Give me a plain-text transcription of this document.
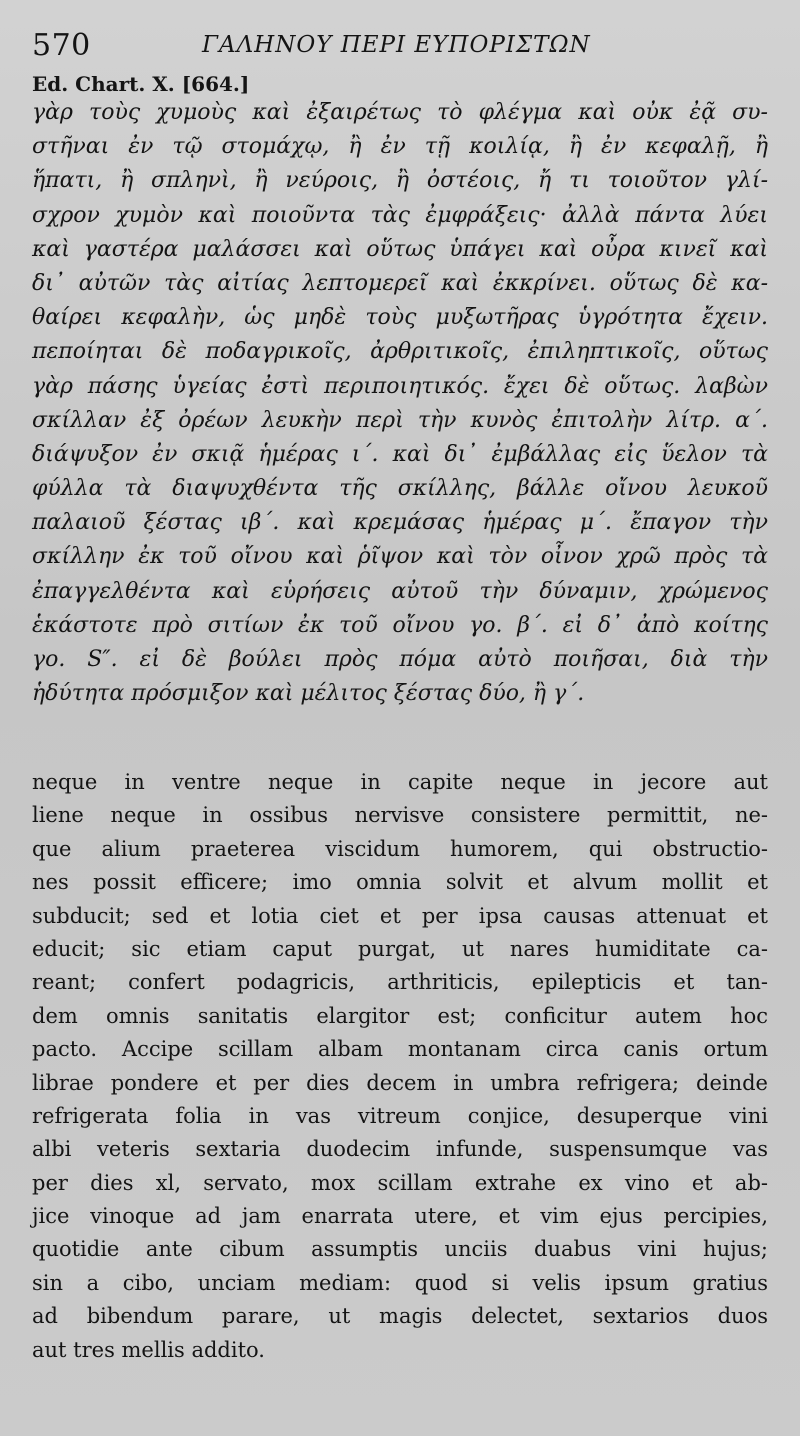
570	ΓΑΛΗΝΟΥ ΠΕΡΙ ΕΥΠΟΡΙΣΤΩΝ
Ed. Chart. X. [664.]
γὰρ τοὺς χυμοὺς καὶ ἐξαιρέτως τὸ φλέγμα καὶ οὐκ ἐᾷ συ-
στῆναι ἐν τῷ στομάχῳ, ἢ ἐν τῇ κοιλίᾳ, ἢ ἐν κεφαλῇ, ἢ
ἥπατι, ἢ σπληνὶ, ἢ νεύροις, ἢ ὀστέοις, ἤ τι τοιοῦτον γλί-
σχρον χυμὸν καὶ ποιοῦντα τὰς ἐμφράξεις· ἀλλὰ πάντα λύει
καὶ γαστέρα μαλάσσει καὶ οὕτως ὑπάγει καὶ οὖρα κινεῖ καὶ
δι᾽ αὐτῶν τὰς αἰτίας λεπτομερεῖ καὶ ἐκκρίνει. οὕτως δὲ κα-
θαίρει κεφαλὴν, ὡς μηδὲ τοὺς μυξωτῆρας ὑγρότητα ἔχειν.
πεποίηται δὲ ποδαγρικοῖς, ἀρθριτικοῖς, ἐπιληπτικοῖς, οὕτως
γὰρ πάσης ὑγείας ἐστὶ περιποιητικός. ἔχει δὲ οὕτως. λαβὼν
σκίλλαν ἐξ ὀρέων λευκὴν περὶ τὴν κυνὸς ἐπιτολὴν λίτρ. α΄.
διάψυξον ἐν σκιᾷ ἡμέρας ι΄. καὶ δι᾽ ἐμβάλλας εἰς ὕελον τὰ
φύλλα τὰ διαψυχθέντα τῆς σκίλλης, βάλλε οἴνου λευκοῦ
παλαιοῦ ξέστας ιβ΄. καὶ κρεμάσας ἡμέρας μ΄. ἔπαγον τὴν
σκίλλην ἐκ τοῦ οἴνου καὶ ῥῖψον καὶ τὸν οἶνον χρῶ πρὸς τὰ
ἐπαγγελθέντα καὶ εὑρήσεις αὐτοῦ τὴν δύναμιν, χρώμενος
ἑκάστοτε πρὸ σιτίων ἐκ τοῦ οἴνου γο. β΄. εἰ δ᾽ ἀπὸ κοίτης
γο. S″. εἰ δὲ βούλει πρὸς πόμα αὐτὸ ποιῆσαι, διὰ τὴν
ἡδύτητα πρόσμιξον καὶ μέλιτος ξέστας δύο, ἢ γ΄.
neque in ventre neque in capite neque in jecore aut
liene neque in ossibus nervisve consistere permittit, ne-
que alium praeterea viscidum humorem, qui obstructio-
nes possit efficere; imo omnia solvit et alvum mollit et
subducit; sed et lotia ciet et per ipsa causas attenuat et
educit; sic etiam caput purgat, ut nares humiditate ca-
reant; confert podagricis, arthriticis, epilepticis et tan-
dem omnis sanitatis elargitor est; conficitur autem hoc
pacto. Accipe scillam albam montanam circa canis ortum
librae pondere et per dies decem in umbra refrigera; deinde
refrigerata folia in vas vitreum conjice, desuperque vini
albi veteris sextaria duodecim infunde, suspensumque vas
per dies xl, servato, mox scillam extrahe ex vino et ab-
jice vinoque ad jam enarrata utere, et vim ejus percipies,
quotidie ante cibum assumptis unciis duabus vini hujus;
sin a cibo, unciam mediam: quod si velis ipsum gratius
ad bibendum parare, ut magis delectet, sextarios duos
aut tres mellis addito.
